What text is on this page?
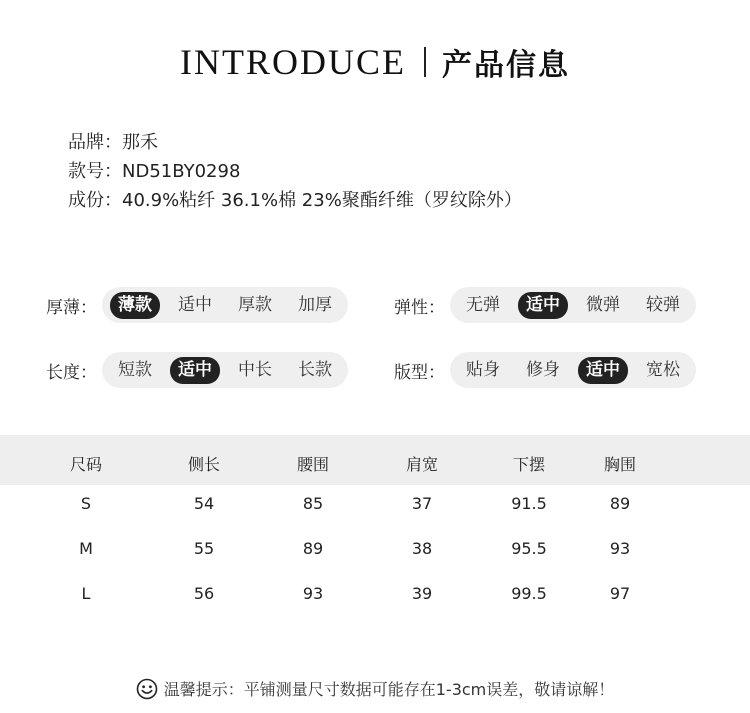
INTRODUCE 产品信息
品牌：那禾
款号：ND51BY0298
成份：40.9%粘纤 36.1%棉 23%聚酯纤维（罗纹除外）
厚薄：	薄款	适中	厚款	加厚	弹性：	无弹	适中	微弹	较弹
长度：	短款	适中	中长	长款	版型：	贴身	修身	适中	宽松
尺码	侧长	腰围	肩宽	下摆	胸围
S	54	85	37	91.5	89
M	55	89	38	95.5	93
L	56	93	39	99.5	97
温馨提示：平铺测量尺寸数据可能存在1-3cm误差，敬请谅解！
